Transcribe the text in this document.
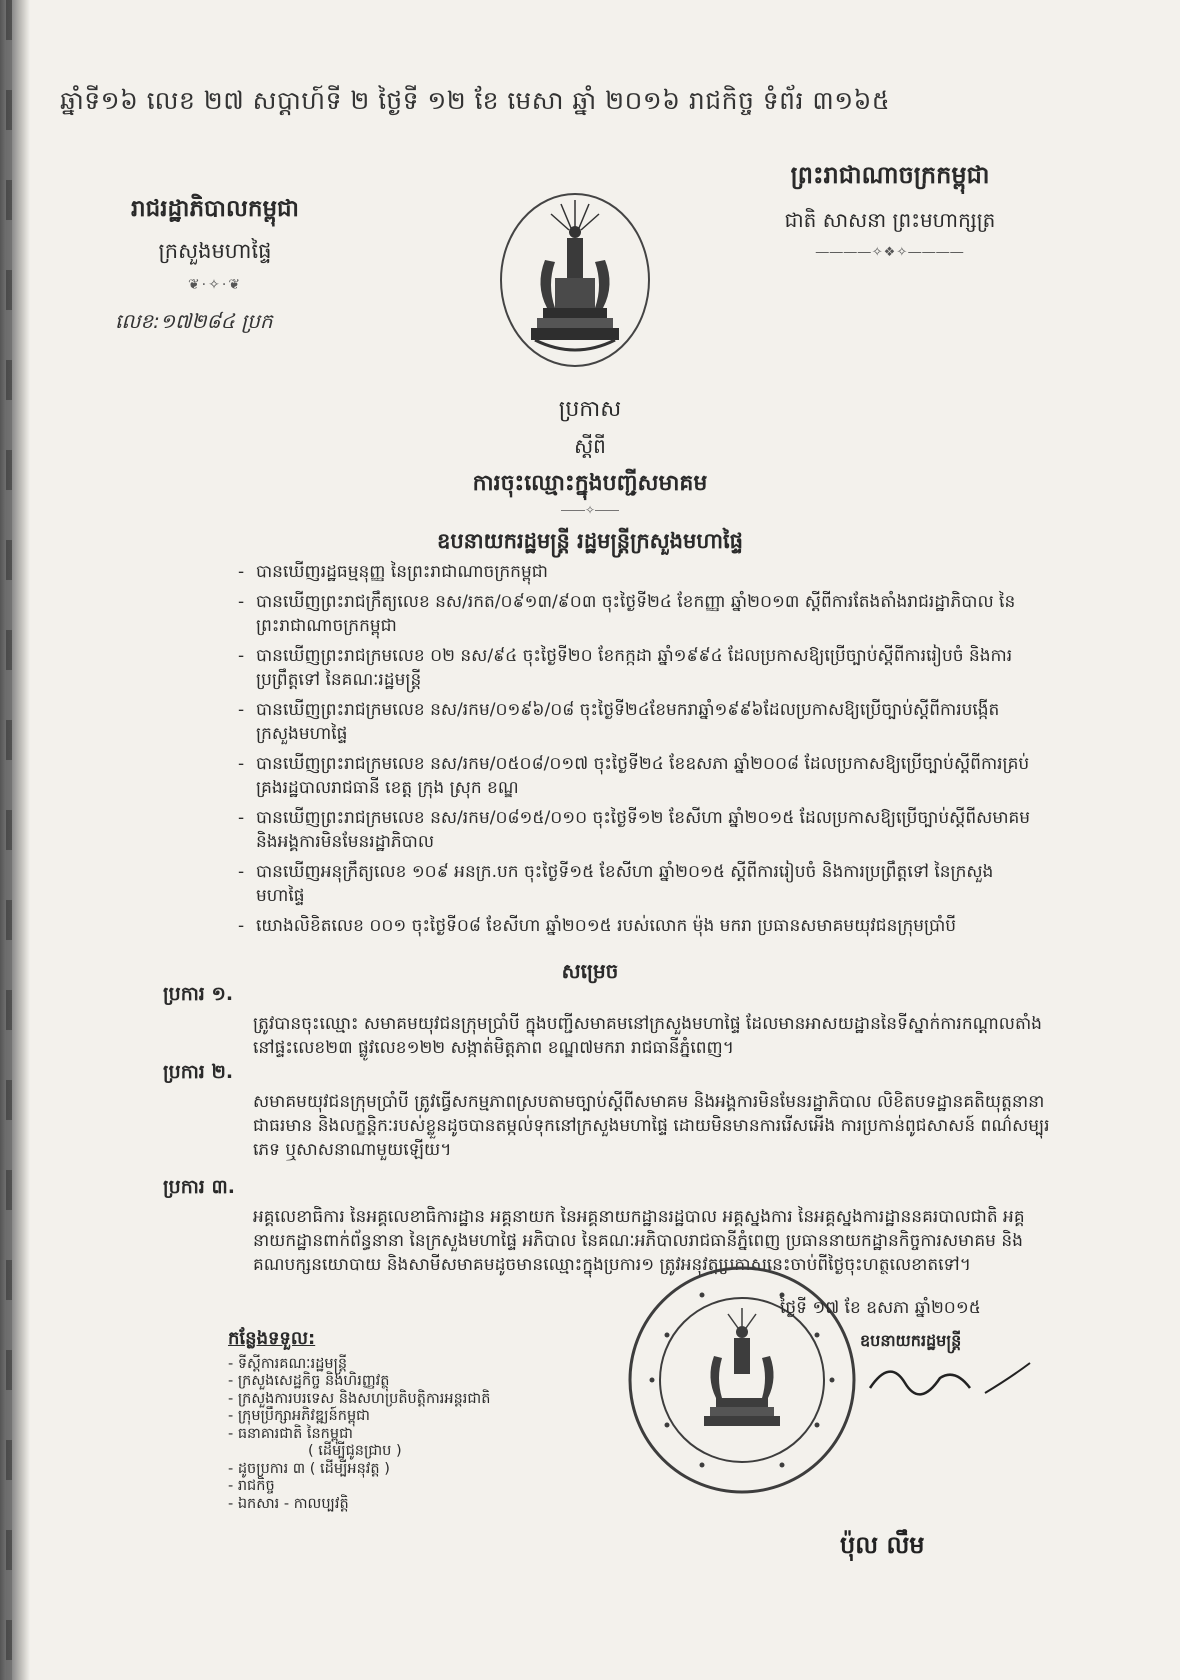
ឆ្នាំទី១៦ លេខ ២៧ សប្ដាហ៍ទី ២ ថ្ងៃទី ១២ ខែ មេសា ឆ្នាំ ២០១៦ រាជកិច្ច ទំព័រ ៣១៦៥
រាជរដ្ឋាភិបាលកម្ពុជា
ក្រសួងមហាផ្ទៃ
❦·✧·❦
លេខ:១៧២៨៤ ប្រក
ព្រះរាជាណាចក្រកម្ពុជា
ជាតិ សាសនា ព្រះមហាក្សត្រ
――――✧❖✧――――
ប្រកាស
ស្ដីពី
ការចុះឈ្មោះក្នុងបញ្ជីសមាគម
――✧――
ឧបនាយករដ្ឋមន្ត្រី រដ្ឋមន្ត្រីក្រសួងមហាផ្ទៃ
- បានឃើញរដ្ឋធម្មនុញ្ញ នៃព្រះរាជាណាចក្រកម្ពុជា
- បានឃើញព្រះរាជក្រឹត្យលេខ នស/រកត/០៩១៣/៩០៣ ចុះថ្ងៃទី២៤ ខែកញ្ញា ឆ្នាំ២០១៣ ស្ដីពីការតែងតាំងរាជរដ្ឋាភិបាល នៃព្រះរាជាណាចក្រកម្ពុជា
- បានឃើញព្រះរាជក្រមលេខ ០២ នស/៩៤ ចុះថ្ងៃទី២០ ខែកក្កដា ឆ្នាំ១៩៩៤ ដែលប្រកាសឱ្យប្រើច្បាប់ស្ដីពីការរៀបចំ និងការប្រព្រឹត្តទៅ នៃគណៈរដ្ឋមន្ត្រី
- បានឃើញព្រះរាជក្រមលេខ នស/រកម/០១៩៦/០៨ ចុះថ្ងៃទី២៤ខែមករាឆ្នាំ១៩៩៦ដែលប្រកាសឱ្យប្រើច្បាប់ស្ដីពីការបង្កើតក្រសួងមហាផ្ទៃ
- បានឃើញព្រះរាជក្រមលេខ នស/រកម/០៥០៨/០១៧ ចុះថ្ងៃទី២៤ ខែឧសភា ឆ្នាំ២០០៨ ដែលប្រកាសឱ្យប្រើច្បាប់ស្ដីពីការគ្រប់គ្រងរដ្ឋបាលរាជធានី ខេត្ត ក្រុង ស្រុក ខណ្ឌ
- បានឃើញព្រះរាជក្រមលេខ នស/រកម/០៨១៥/០១០ ចុះថ្ងៃទី១២ ខែសីហា ឆ្នាំ២០១៥ ដែលប្រកាសឱ្យប្រើច្បាប់ស្ដីពីសមាគម និងអង្គការមិនមែនរដ្ឋាភិបាល
- បានឃើញអនុក្រឹត្យលេខ ១០៩ អនក្រ.បក ចុះថ្ងៃទី១៥ ខែសីហា ឆ្នាំ២០១៥ ស្ដីពីការរៀបចំ និងការប្រព្រឹត្តទៅ នៃក្រសួងមហាផ្ទៃ
- យោងលិខិតលេខ ០០១ ចុះថ្ងៃទី០៨ ខែសីហា ឆ្នាំ២០១៥ របស់លោក ម៉ុង មករា ប្រធានសមាគមយុវជនក្រុមប្រាំបី
សម្រេច
ប្រការ ១.
ត្រូវបានចុះឈ្មោះ សមាគមយុវជនក្រុមប្រាំបី ក្នុងបញ្ជីសមាគមនៅក្រសួងមហាផ្ទៃ ដែលមានអាសយដ្ឋាននៃទីស្នាក់ការកណ្ដាលតាំងនៅផ្ទះលេខ២៣ ផ្លូវលេខ១២២ សង្កាត់មិត្តភាព ខណ្ឌ៧មករា រាជធានីភ្នំពេញ។
ប្រការ ២.
សមាគមយុវជនក្រុមប្រាំបី ត្រូវធ្វើសកម្មភាពស្របតាមច្បាប់ស្ដីពីសមាគម និងអង្គការមិនមែនរដ្ឋាភិបាល លិខិតបទដ្ឋានគតិយុត្តនានាជាធរមាន និងលក្ខន្តិកៈរបស់ខ្លួនដូចបានតម្កល់ទុកនៅក្រសួងមហាផ្ទៃ ដោយមិនមានការរើសអើង ការប្រកាន់ពូជសាសន៍ ពណ៌សម្បុរ ភេទ ឬសាសនាណាមួយឡើយ។
ប្រការ ៣.
អគ្គលេខាធិការ នៃអគ្គលេខាធិការដ្ឋាន អគ្គនាយក នៃអគ្គនាយកដ្ឋានរដ្ឋបាល អគ្គស្នងការ នៃអគ្គស្នងការដ្ឋាននគរបាលជាតិ អគ្គនាយកដ្ឋានពាក់ព័ន្ធនានា នៃក្រសួងមហាផ្ទៃ អភិបាល នៃគណៈអភិបាលរាជធានីភ្នំពេញ ប្រធាននាយកដ្ឋានកិច្ចការសមាគម និងគណបក្សនយោបាយ និងសាមីសមាគមដូចមានឈ្មោះក្នុងប្រការ១ ត្រូវអនុវត្តប្រកាសនេះចាប់ពីថ្ងៃចុះហត្ថលេខាតទៅ។
កន្លែងទទួល:
- ទីស្ដីការគណៈរដ្ឋមន្ត្រី
- ក្រសួងសេដ្ឋកិច្ច និងហិរញ្ញវត្ថុ
- ក្រសួងការបរទេស និងសហប្រតិបត្តិការអន្តរជាតិ
- ក្រុមប្រឹក្សាអភិវឌ្ឍន៍កម្ពុជា
- ធនាគារជាតិ នៃកម្ពុជា
( ដើម្បីជូនជ្រាប )
- ដូចប្រការ ៣ ( ដើម្បីអនុវត្ត )
- រាជកិច្ច
- ឯកសារ - កាលប្បវត្តិ
ថ្ងៃទី ១៧ ខែ ឧសភា ឆ្នាំ២០១៥
ឧបនាយករដ្ឋមន្ត្រី
ប៉ុល លឹម
